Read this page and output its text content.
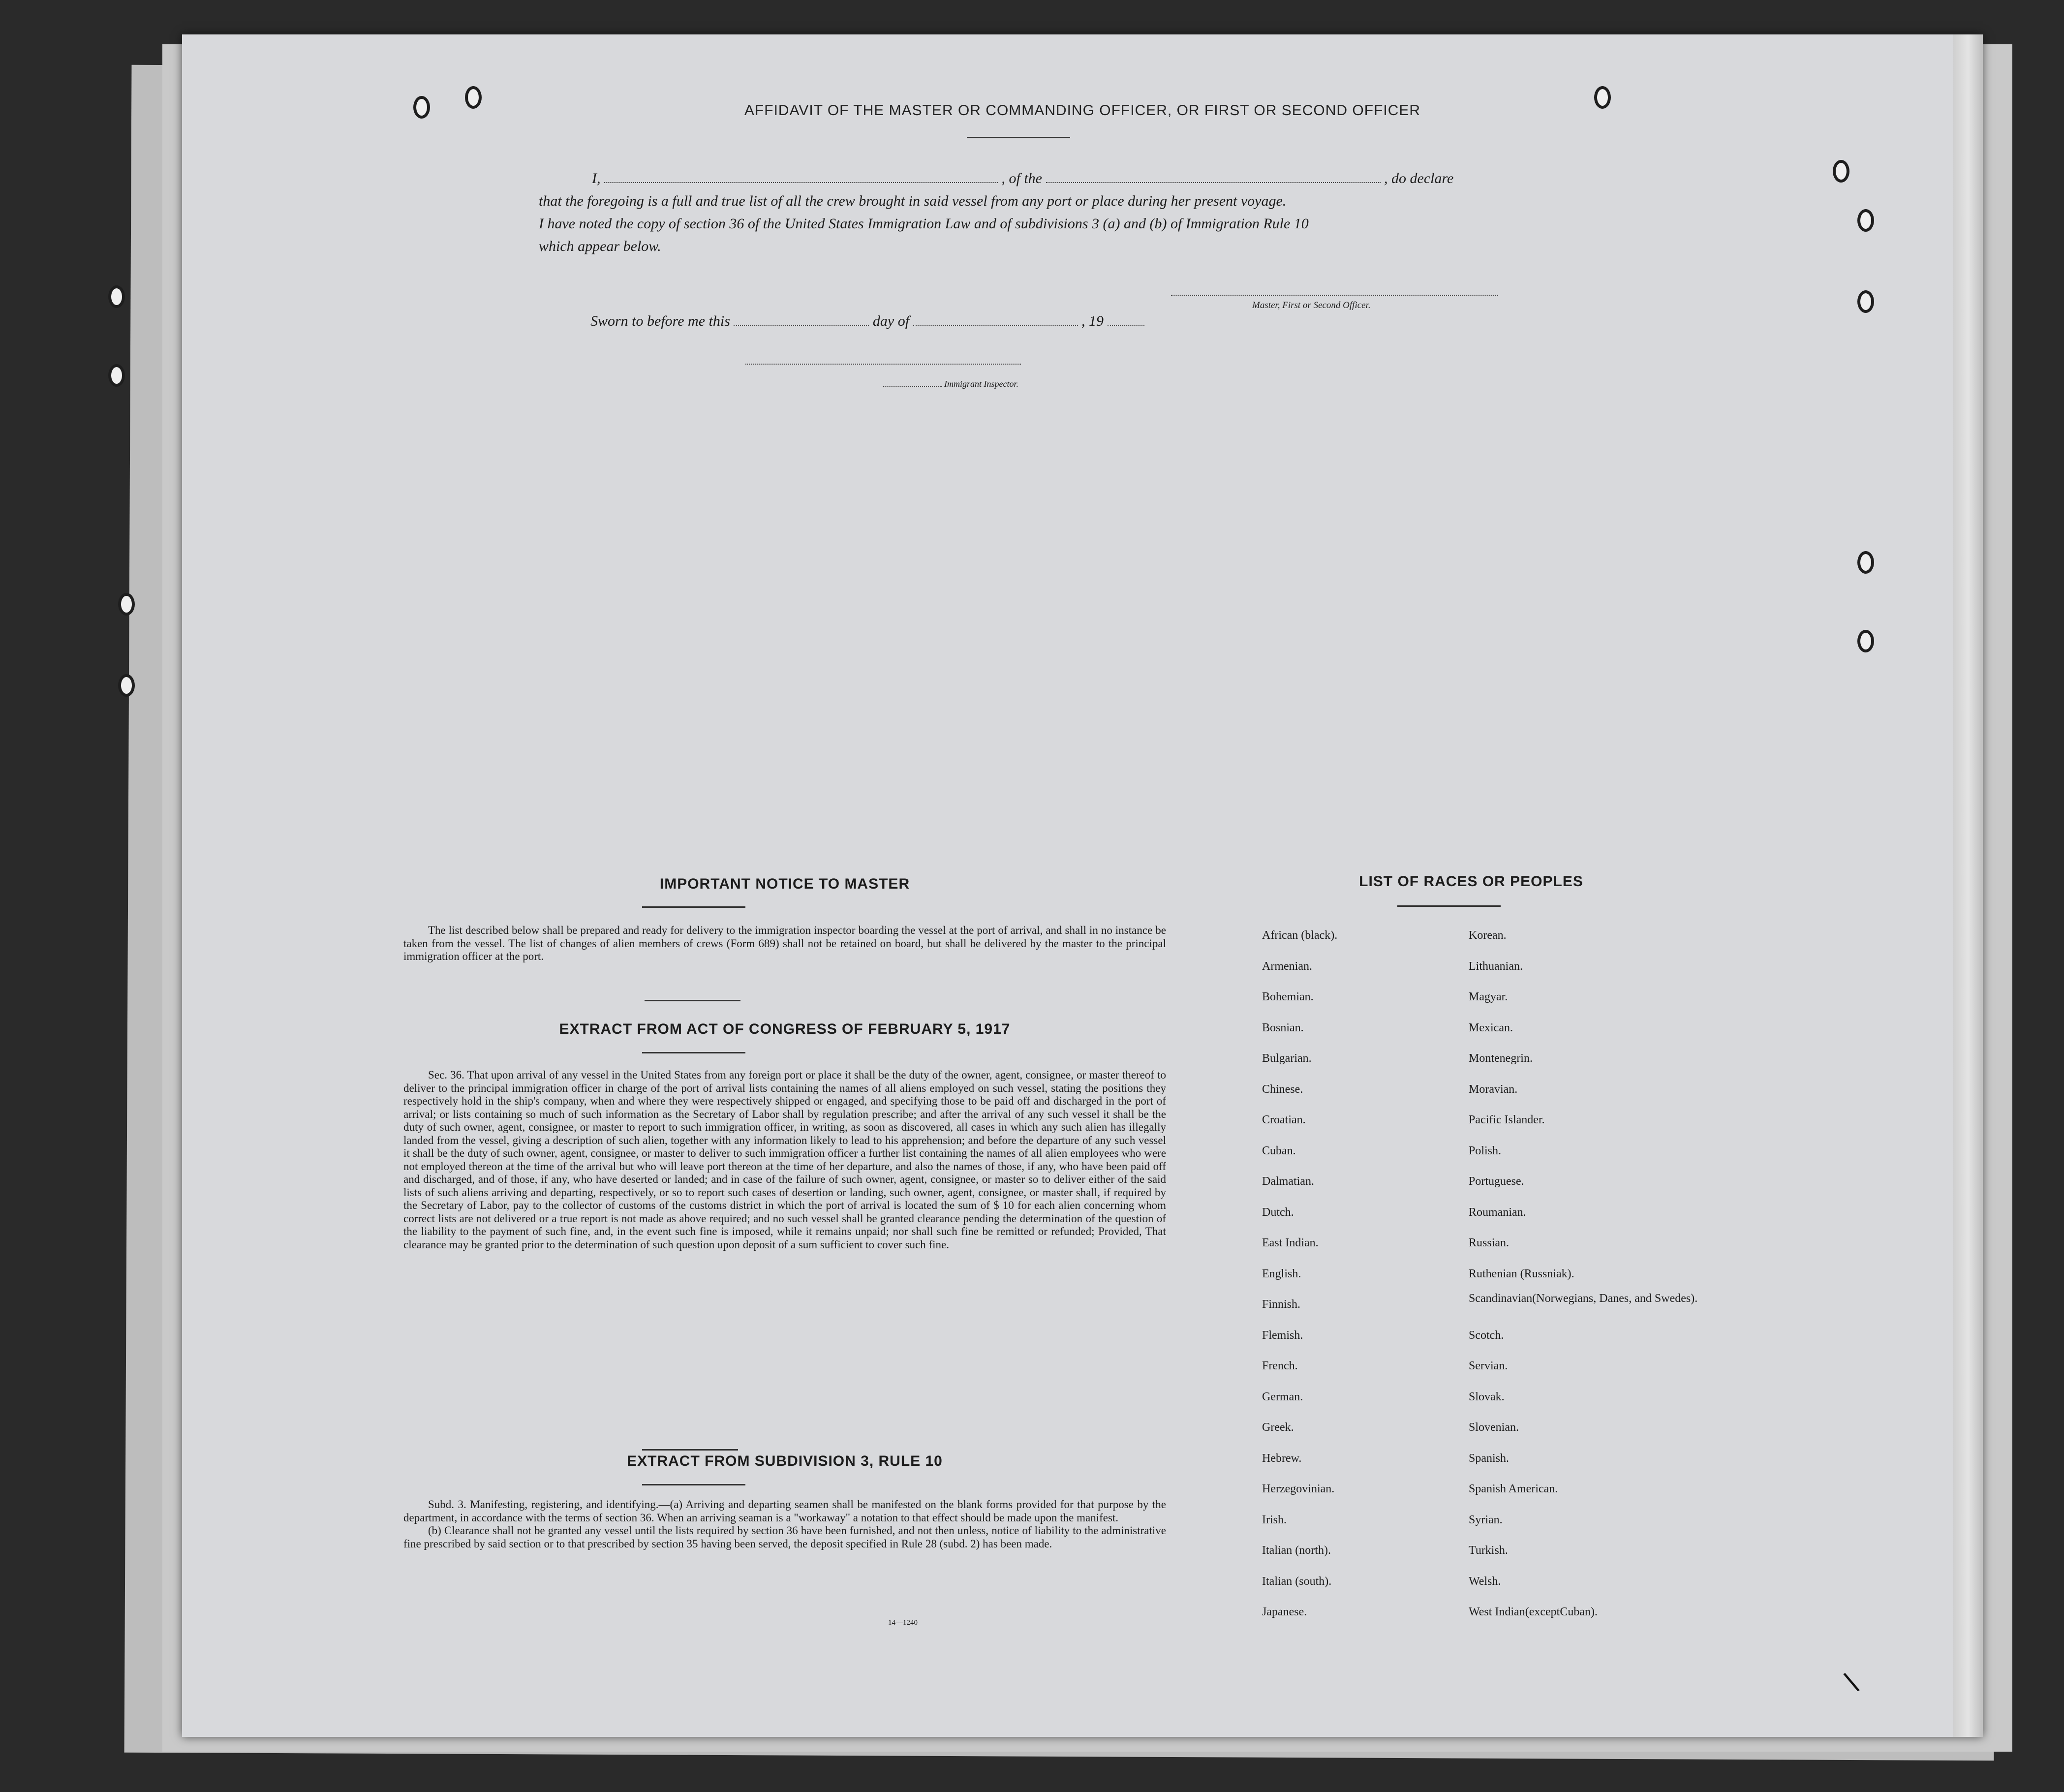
AFFIDAVIT OF THE MASTER OR COMMANDING OFFICER, OR FIRST OR SECOND OFFICER
I,	, of the	, do declare
that the foregoing is a full and true list of all the crew brought in said vessel from any port or place during her present voyage.
I have noted the copy of section 36 of the United States Immigration Law and of subdivisions 3 (a) and (b) of Immigration Rule 10
which appear below.
Master, First or Second Officer.
Sworn to before me this	day of	, 19
Immigrant Inspector.
IMPORTANT NOTICE TO MASTER

The list described below shall be prepared and ready for delivery to the immigration inspector boarding the vessel at the port of arrival, and shall in no instance be taken from the vessel. The list of changes of alien members of crews (Form 689) shall not be retained on board, but shall be delivered by the master to the principal immigration officer at the port.

EXTRACT FROM ACT OF CONGRESS OF FEBRUARY 5, 1917

Sec. 36. That upon arrival of any vessel in the United States from any foreign port or place it shall be the duty of the owner, agent, consignee, or master thereof to deliver to the principal immigration officer in charge of the port of arrival lists containing the names of all aliens employed on such vessel, stating the positions they respectively hold in the ship's company, when and where they were respectively shipped or engaged, and specifying those to be paid off and discharged in the port of arrival; or lists containing so much of such information as the Secretary of Labor shall by regulation prescribe; and after the arrival of any such vessel it shall be the duty of such owner, agent, consignee, or master to report to such immigration officer, in writing, as soon as discovered, all cases in which any such alien has illegally landed from the vessel, giving a description of such alien, together with any information likely to lead to his apprehension; and before the departure of any such vessel it shall be the duty of such owner, agent, consignee, or master to deliver to such immigration officer a further list containing the names of all alien employees who were not employed thereon at the time of the arrival but who will leave port thereon at the time of her departure, and also the names of those, if any, who have been paid off and discharged, and of those, if any, who have deserted or landed; and in case of the failure of such owner, agent, consignee, or master so to deliver either of the said lists of such aliens arriving and departing, respectively, or so to report such cases of desertion or landing, such owner, agent, consignee, or master shall, if required by the Secretary of Labor, pay to the collector of customs of the customs district in which the port of arrival is located the sum of $ 10 for each alien concerning whom correct lists are not delivered or a true report is not made as above required; and no such vessel shall be granted clearance pending the determination of the question of the liability to the payment of such fine, and, in the event such fine is imposed, while it remains unpaid; nor shall such fine be remitted or refunded; Provided, That clearance may be granted prior to the determination of such question upon deposit of a sum sufficient to cover such fine.

EXTRACT FROM SUBDIVISION 3, RULE 10

Subd. 3. Manifesting, registering, and identifying.—(a) Arriving and departing seamen shall be manifested on the blank forms provided for that purpose by the department, in accordance with the terms of section 36. When an arriving seaman is a "workaway" a notation to that effect should be made upon the manifest.

(b) Clearance shall not be granted any vessel until the lists required by section 36 have been furnished, and not then unless, notice of liability to the administrative fine prescribed by said section or to that prescribed by section 35 having been served, the deposit specified in Rule 28 (subd. 2) has been made.

14—1240
LIST OF RACES OR PEOPLES
African (black).
Armenian.
Bohemian.
Bosnian.
Bulgarian.
Chinese.
Croatian.
Cuban.
Dalmatian.
Dutch.
East Indian.
English.
Finnish.
Flemish.
French.
German.
Greek.
Hebrew.
Herzegovinian.
Irish.
Italian (north).
Italian (south).
Japanese.
Korean.
Lithuanian.
Magyar.
Mexican.
Montenegrin.
Moravian.
Pacific Islander.
Polish.
Portuguese.
Roumanian.
Russian.
Ruthenian (Russniak).
Scandinavian(Norwegians, Danes, and Swedes).
Scotch.
Servian.
Slovak.
Slovenian.
Spanish.
Spanish American.
Syrian.
Turkish.
Welsh.
West Indian(exceptCuban).
\
